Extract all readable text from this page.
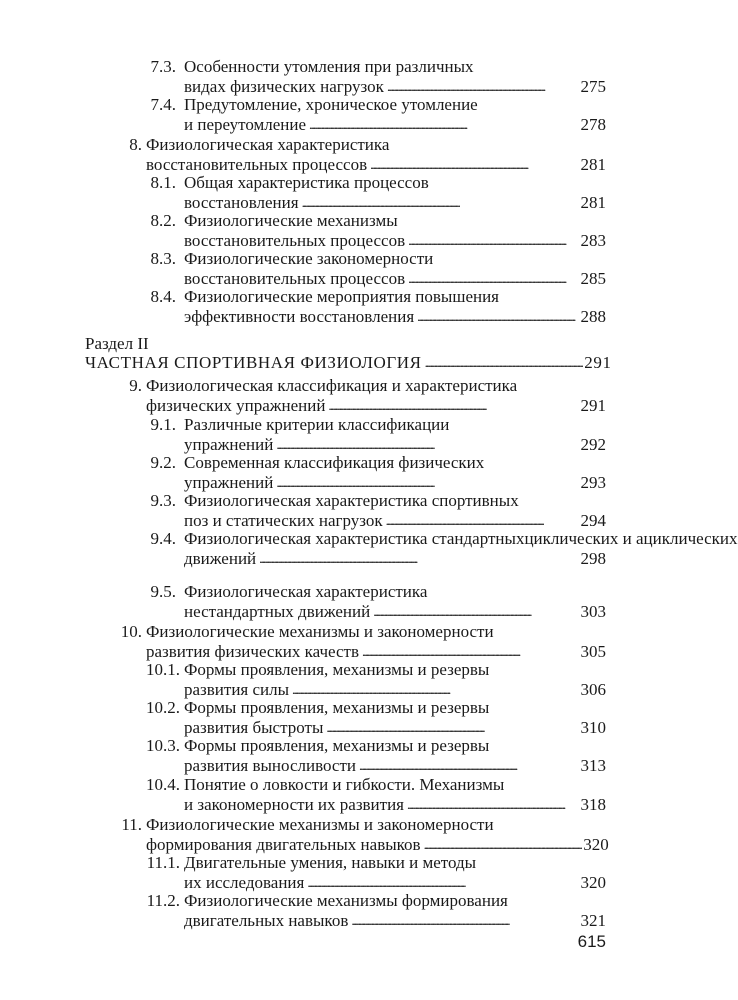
7.3. Особенности утомления при различных
видах физических нагрузок . . .	275
7.4. Предутомление, хроническое утомление
и переутомление . . .	278
8. Физиологическая характеристика
восстановительных процессов . . .	281
8.1. Общая характеристика процессов
восстановления . . .	281
8.2. Физиологические механизмы
восстановительных процессов . . .	283
8.3. Физиологические закономерности
восстановительных процессов . . .	285
8.4. Физиологические мероприятия повышения
эффективности восстановления . . .	288
9. Физиологическая классификация и характеристика
физических упражнений . . .	291
9.1. Различные критерии классификации
упражнений . . .	292
9.2. Современная классификация физических
упражнений . . .	293
9.3. Физиологическая характеристика спортивных
поз и статических нагрузок . . .	294
9.4. Физиологическая характеристика стандартныхциклических и ациклических
движений . . .	298
9.5. Физиологическая характеристика
нестандартных движений . . .	303
10. Физиологические механизмы и закономерности
развития физических качеств . . .	305
10.1. Формы проявления, механизмы и резервы
развития силы . . .	306
10.2. Формы проявления, механизмы и резервы
развития быстроты . . .	310
10.3. Формы проявления, механизмы и резервы
развития выносливости . . .	313
10.4. Понятие о ловкости и гибкости. Механизмы
и закономерности их развития . . .	318
11. Физиологические механизмы и закономерности
формирования двигательных навыков . . .	320
11.1. Двигательные умения, навыки и методы
их исследования . . .	320
11.2. Физиологические механизмы формирования
двигательных навыков . . .	321
Раздел II
ЧАСТНАЯ СПОРТИВНАЯ ФИЗИОЛОГИЯ . . .	291
615
